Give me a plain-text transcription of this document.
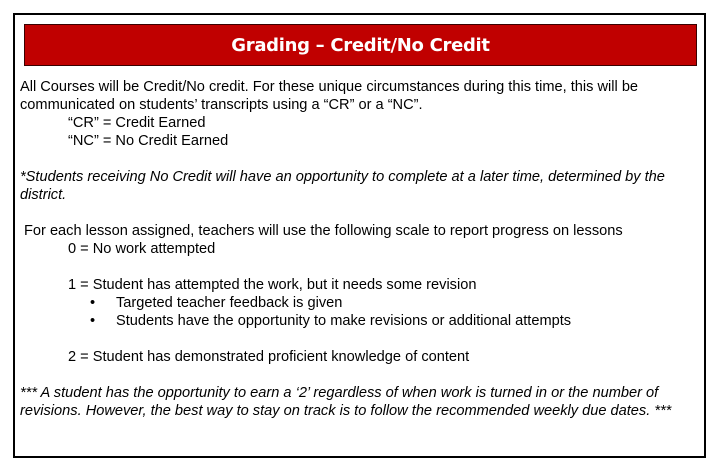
Grading – Credit/No Credit

All Courses will be Credit/No credit. For these unique circumstances during this time, this will be communicated on students’ transcripts using a “CR” or a “NC”.

“CR” = Credit Earned

“NC” = No Credit Earned

*Students receiving No Credit will have an opportunity to complete at a later time, determined by the district.

For each lesson assigned, teachers will use the following scale to report progress on lessons

0 = No work attempted

1 = Student has attempted the work, but it needs some revision

• Targeted teacher feedback is given
• Students have the opportunity to make revisions or additional attempts

2 = Student has demonstrated proficient knowledge of content

*** A student has the opportunity to earn a ‘2’ regardless of when work is turned in or the number of revisions. However, the best way to stay on track is to follow the recommended weekly due dates. ***
